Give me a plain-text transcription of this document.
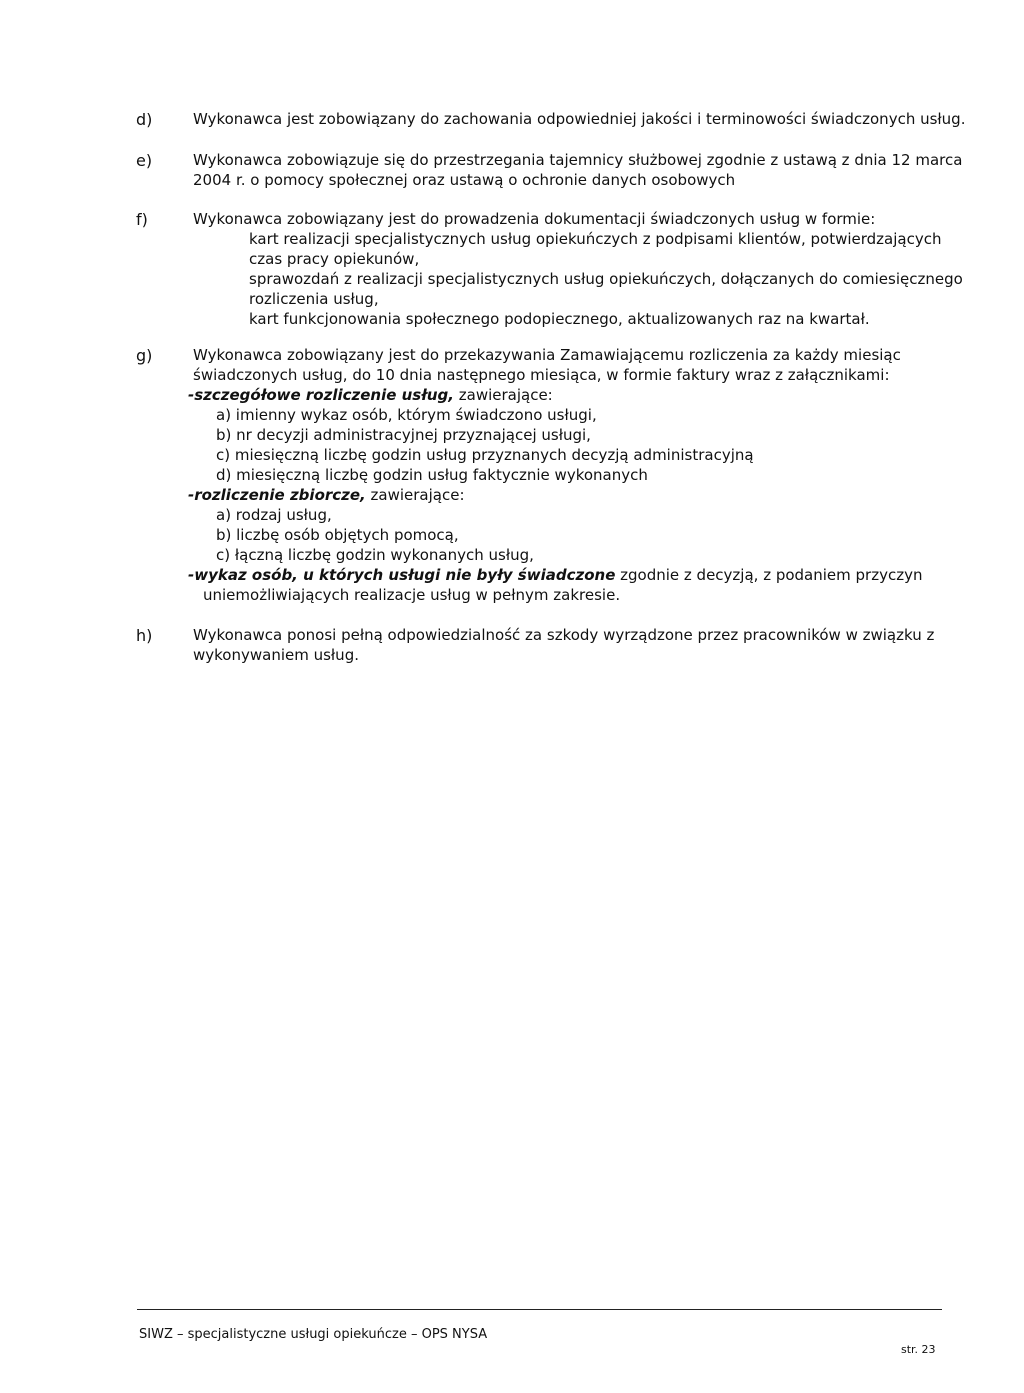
d)	Wykonawca jest zobowiązany do zachowania odpowiedniej jakości i terminowości świadczonych usług.
e)	Wykonawca zobowiązuje się do przestrzegania tajemnicy służbowej zgodnie z ustawą z dnia 12 marca
2004 r. o pomocy społecznej oraz ustawą o ochronie danych osobowych
f)	Wykonawca zobowiązany jest do prowadzenia dokumentacji świadczonych usług w formie:
kart realizacji specjalistycznych usług opiekuńczych z podpisami klientów, potwierdzających
czas pracy opiekunów,
sprawozdań z realizacji specjalistycznych usług opiekuńczych, dołączanych do comiesięcznego
rozliczenia usług,
kart funkcjonowania społecznego podopiecznego, aktualizowanych raz na kwartał.
g)	Wykonawca zobowiązany jest do przekazywania Zamawiającemu rozliczenia za każdy miesiąc
świadczonych usług, do 10 dnia następnego miesiąca, w formie faktury wraz z załącznikami:
-szczegółowe rozliczenie usług, zawierające:
a) imienny wykaz osób, którym świadczono usługi,
b) nr decyzji administracyjnej przyznającej usługi,
c) miesięczną liczbę godzin usług przyznanych decyzją administracyjną
d) miesięczną liczbę godzin usług faktycznie wykonanych
-rozliczenie zbiorcze, zawierające:
a) rodzaj usług,
b) liczbę osób objętych pomocą,
c) łączną liczbę godzin wykonanych usług,
-wykaz osób, u których usługi nie były świadczone zgodnie z decyzją, z podaniem przyczyn
uniemożliwiających realizacje usług w pełnym zakresie.
h)	Wykonawca ponosi pełną odpowiedzialność za szkody wyrządzone przez pracowników w związku z
wykonywaniem usług.
SIWZ – specjalistyczne usługi opiekuńcze – OPS NYSA
str. 23
